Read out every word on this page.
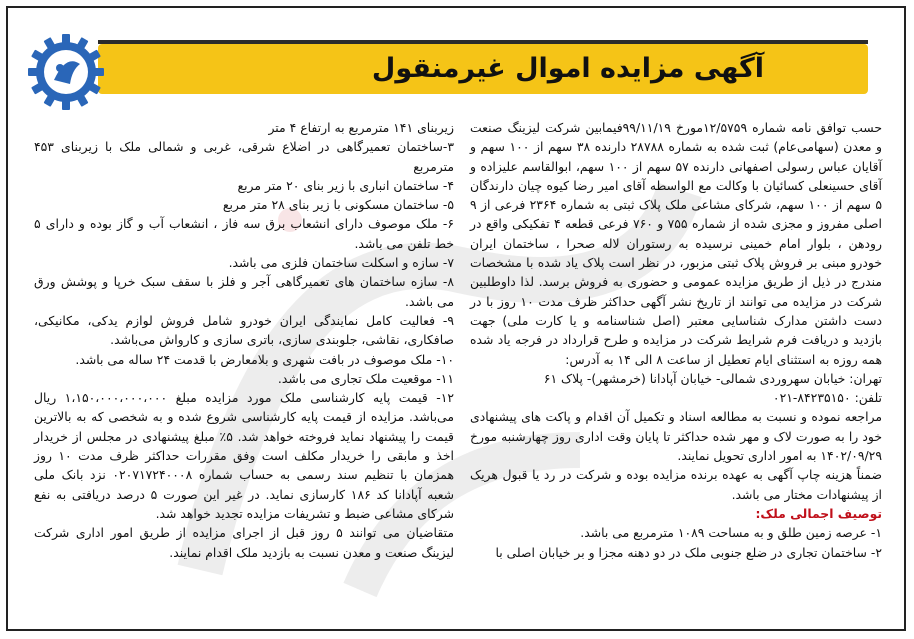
آگهی مزایده اموال غیرمنقول

حسب توافق نامه شماره ۱۲/۵۷۵۹مورخ ۹۹/۱۱/۱۹فیمابین شرکت لیزینگ صنعت و معدن (سهامی‌عام) ثبت شده به شماره ۲۸۷۸۸ دارنده ۳۸ سهم از ۱۰۰ سهم و آقایان عباس رسولی اصفهانی دارنده ۵۷ سهم از ۱۰۰ سهم، ابوالقاسم علیزاده و آقای حسینعلی کسائیان با وکالت مع الواسطه آقای امیر رضا کیوه چیان دارندگان ۵ سهم از ۱۰۰ سهم، شرکای مشاعی ملک پلاک ثبتی به شماره ۲۳۶۴ فرعی از ۹ اصلی مفروز و مجزی شده از شماره ۷۵۵ و ۷۶۰ فرعی قطعه ۴ تفکیکی واقع در رودهن ، بلوار امام خمینی نرسیده به رستوران لاله صحرا ، ساختمان ایران خودرو مبنی بر فروش پلاک ثبتی مزبور، در نظر است پلاک یاد شده با مشخصات مندرج در ذیل از طریق مزایده عمومی و حضوری به فروش برسد. لذا داوطلبین شرکت در مزایده می توانند از تاریخ نشر آگهی حداکثر ظرف مدت ۱۰ روز با در دست داشتن مدارک شناسایی معتبر (اصل شناسنامه و یا کارت ملی) جهت بازدید و دریافت فرم شرایط شرکت در مزایده و طرح قرارداد در فرجه یاد شده همه روزه به استثنای ایام تعطیل از ساعت ۸ الی ۱۴ به آدرس:

تهران: خیابان سهروردی شمالی- خیابان آپادانا (خرمشهر)- پلاک ۶۱

تلفن: ۸۴۲۳۵۱۵۰-۰۲۱

مراجعه نموده و نسبت به مطالعه اسناد و تکمیل آن اقدام و پاکت های پیشنهادی خود را به صورت لاک و مهر شده حداکثر تا پایان وقت اداری روز چهارشنبه مورخ ۱۴۰۲/۰۹/۲۹ به امور اداری تحویل نمایند.

ضمناً هزینه چاپ آگهی به عهده برنده مزایده بوده و شرکت در رد یا قبول هریک از پیشنهادات مختار می باشد.

توصیف اجمالی ملک:

۱- عرصه زمین طلق و به مساحت ۱۰۸۹ مترمربع می باشد.

۲- ساختمان تجاری در ضلع جنوبی ملک در دو دهنه مجزا و بر خیابان اصلی با

زیربنای ۱۴۱ مترمربع به ارتفاع ۴ متر

۳-ساختمان تعمیرگاهی در اضلاع شرقی، غربی و شمالی ملک با زیربنای ۴۵۳ مترمربع

۴- ساختمان انباری با زیر بنای ۲۰ متر مربع

۵- ساختمان مسکونی با زیر بنای ۲۸ متر مربع

۶- ملک موصوف دارای انشعاب برق سه فاز ، انشعاب آب و گاز بوده و دارای ۵ خط تلفن می باشد.

۷- سازه و اسکلت ساختمان فلزی می باشد.

۸- سازه ساختمان های تعمیرگاهی آجر و فلز با سقف سبک خرپا و پوشش ورق می باشد.

۹- فعالیت کامل نمایندگی ایران خودرو شامل فروش لوازم یدکی، مکانیکی، صافکاری، نقاشی، جلوبندی سازی، باتری سازی و کارواش می‌باشد.

۱۰- ملک موصوف در بافت شهری و بلامعارض با قدمت ۲۴ ساله می باشد.

۱۱- موقعیت ملک تجاری می باشد.

۱۲- قیمت پایه کارشناسی ملک مورد مزایده مبلغ ۱،۱۵۰،۰۰۰،۰۰۰،۰۰۰ ریال می‌باشد. مزایده از قیمت پایه کارشناسی شروع شده و به شخصی که به بالاترین قیمت را پیشنهاد نماید فروخته خواهد شد. ۵٪ مبلغ پیشنهادی در مجلس از خریدار اخذ و مابقی را خریدار مکلف است وفق مقررات حداکثر ظرف مدت ۱۰ روز همزمان با تنظیم سند رسمی به حساب شماره ۰۲۰۷۱۷۲۴۰۰۰۸ نزد بانک ملی شعبه آپادانا کد ۱۸۶ کارسازی نماید. در غیر این صورت ۵ درصد دریافتی به نفع شرکای مشاعی ضبط و تشریفات مزایده تجدید خواهد شد.

متقاضیان می توانند ۵ روز قبل از اجرای مزایده از طریق امور اداری شرکت لیزینگ صنعت و معدن نسبت به بازدید ملک اقدام نمایند.
